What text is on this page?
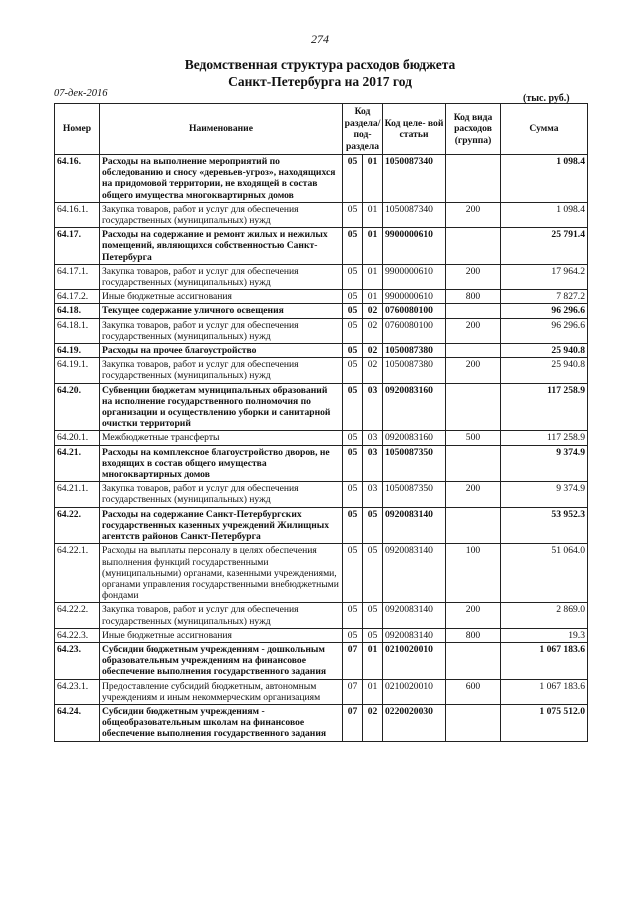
274
Ведомственная структура расходов бюджета
Санкт-Петербурга на 2017 год
07-дек-2016	(тыс. руб.)
Номер	Наименование	Код раздела/ под- раздела		Код целе- вой статьи	Код вида расходов (группа)	Сумма
64.16.	Расходы на выполнение мероприятий по обследованию и сносу «деревьев-угроз», находящихся на придомовой территории, не входящей в состав общего имущества многоквартирных домов	05	01	1050087340		1 098.4
64.16.1.	Закупка товаров, работ и услуг для обеспечения государственных (муниципальных) нужд	05	01	1050087340	200	1 098.4
64.17.	Расходы на содержание и ремонт жилых и нежилых помещений, являющихся собственностью Санкт-Петербурга	05	01	9900000610		25 791.4
64.17.1.	Закупка товаров, работ и услуг для обеспечения государственных (муниципальных) нужд	05	01	9900000610	200	17 964.2
64.17.2.	Иные бюджетные ассигнования	05	01	9900000610	800	7 827.2
64.18.	Текущее содержание уличного освещения	05	02	0760080100		96 296.6
64.18.1.	Закупка товаров, работ и услуг для обеспечения государственных (муниципальных) нужд	05	02	0760080100	200	96 296.6
64.19.	Расходы на прочее благоустройство	05	02	1050087380		25 940.8
64.19.1.	Закупка товаров, работ и услуг для обеспечения государственных (муниципальных) нужд	05	02	1050087380	200	25 940.8
64.20.	Субвенции бюджетам муниципальных образований на исполнение государственного полномочия по организации и осуществлению уборки и санитарной очистки территорий	05	03	0920083160		117 258.9
64.20.1.	Межбюджетные трансферты	05	03	0920083160	500	117 258.9
64.21.	Расходы на комплексное благоустройство дворов, не входящих в состав общего имущества многоквартирных домов	05	03	1050087350		9 374.9
64.21.1.	Закупка товаров, работ и услуг для обеспечения государственных (муниципальных) нужд	05	03	1050087350	200	9 374.9
64.22.	Расходы на содержание Санкт-Петербургских государственных казенных учреждений Жилищных агентств районов Санкт-Петербурга	05	05	0920083140		53 952.3
64.22.1.	Расходы на выплаты персоналу в целях обеспечения выполнения функций государственными (муниципальными) органами, казенными учреждениями, органами управления государственными внебюджетными фондами	05	05	0920083140	100	51 064.0
64.22.2.	Закупка товаров, работ и услуг для обеспечения государственных (муниципальных) нужд	05	05	0920083140	200	2 869.0
64.22.3.	Иные бюджетные ассигнования	05	05	0920083140	800	19.3
64.23.	Субсидии бюджетным учреждениям - дошкольным образовательным учреждениям на финансовое обеспечение выполнения государственного задания	07	01	0210020010		1 067 183.6
64.23.1.	Предоставление субсидий бюджетным, автономным учреждениям и иным некоммерческим организациям	07	01	0210020010	600	1 067 183.6
64.24.	Субсидии бюджетным учреждениям - общеобразовательным школам на финансовое обеспечение выполнения государственного задания	07	02	0220020030		1 075 512.0
